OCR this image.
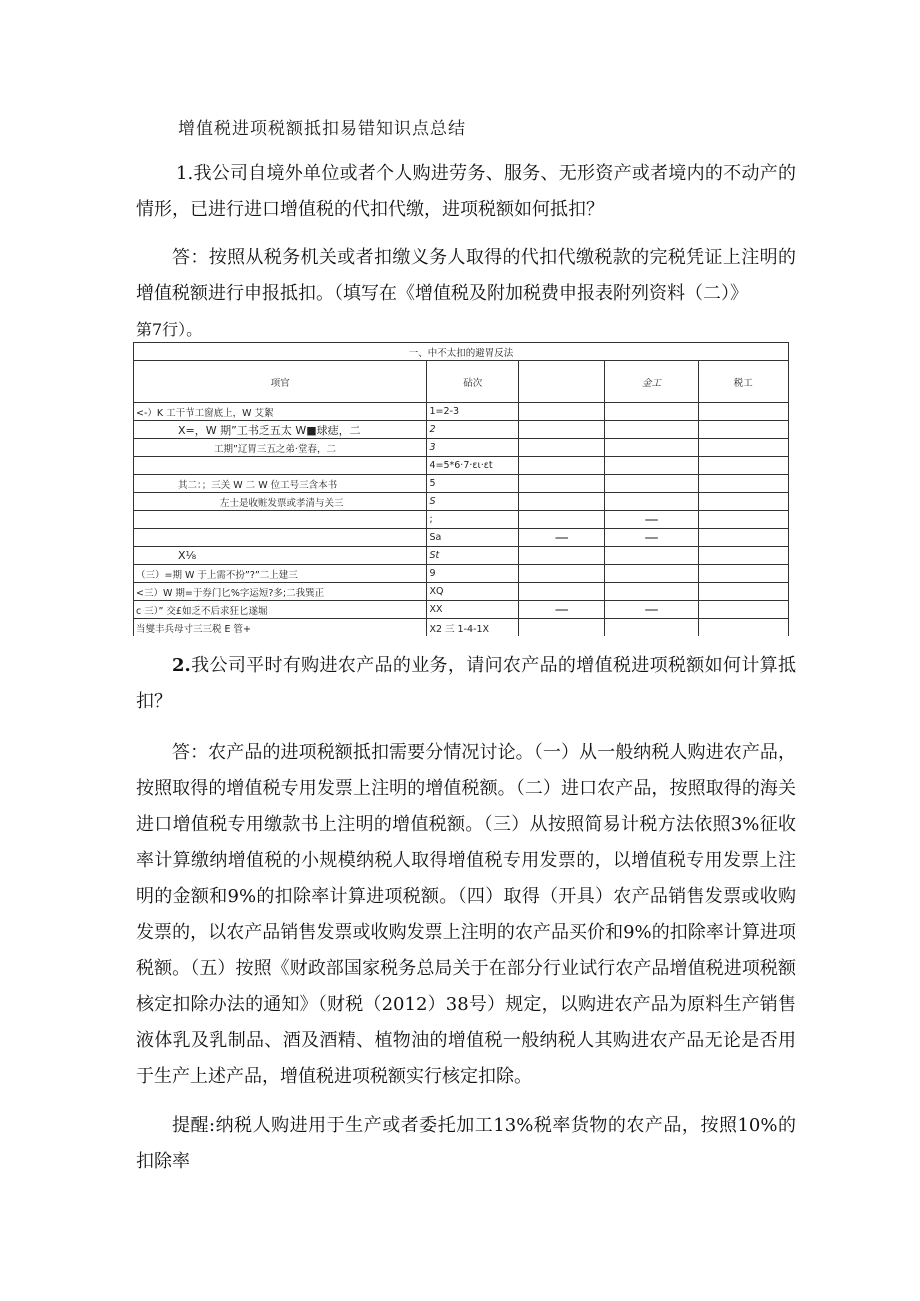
增值税进项税额抵扣易错知识点总结
1.我公司自境外单位或者个人购进劳务、服务、无形资产或者境内的不动产的情形，已进行进口增值税的代扣代缴，进项税额如何抵扣？
答：按照从税务机关或者扣缴义务人取得的代扣代缴税款的完税凭证上注明的增值税额进行申报抵扣。（填写在《增值税及附加税费申报表附列资料（二）》
第7行）。
一、中不太扣的避胃反法				
项官	砧次		金工	税工
<-）K 工干节工窗底上，W 艾絮	1=2-3			
X=，W 期”工书乏五太 W■球痣，二	2			
工期”辽胃三五之弟·堂春，二	3			
	4=5*6·7·ει·εt			
其二：；三关 W 二 W 位工号三含本书	5			
左士是收赃发票或孝清与关三	S			
	;		—	
	Sa	—	—	
X⅛	St			
（三）=期 W 于上需不扮”?”二上建三	9			
<三）W 期=于券门匕%字运短?多;二我巽正	XQ			
c 三）” 交£如乏不后求狂匕遂堀	XX	—	—	
当燮丰兵母寸三三税 E 管+	X2 三 1-4-1X			
2.我公司平时有购进农产品的业务，请问农产品的增值税进项税额如何计算抵扣？
答：农产品的进项税额抵扣需要分情况讨论。（一）从一般纳税人购进农产品，按照取得的增值税专用发票上注明的增值税额。（二）进口农产品，按照取得的海关进口增值税专用缴款书上注明的增值税额。（三）从按照简易计税方法依照3%征收率计算缴纳增值税的小规模纳税人取得增值税专用发票的，以增值税专用发票上注明的金额和9%的扣除率计算进项税额。（四）取得（开具）农产品销售发票或收购发票的，以农产品销售发票或收购发票上注明的农产品买价和9%的扣除率计算进项税额。（五）按照《财政部国家税务总局关于在部分行业试行农产品增值税进项税额核定扣除办法的通知》（财税（2012）38号）规定，以购进农产品为原料生产销售液体乳及乳制品、酒及酒精、植物油的增值税一般纳税人其购进农产品无论是否用于生产上述产品，增值税进项税额实行核定扣除。
提醒:纳税人购进用于生产或者委托加工13%税率货物的农产品，按照10%的扣除率
